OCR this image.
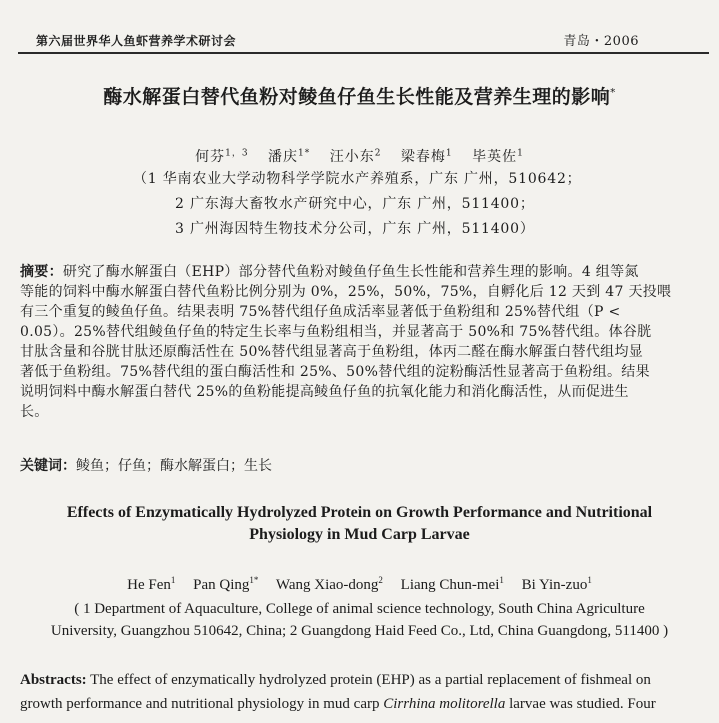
第六届世界华人鱼虾营养学术研讨会	青岛・2006
酶水解蛋白替代鱼粉对鲮鱼仔鱼生长性能及营养生理的影响*
何芬$^{1,3}$ 潘庆$^{1*}$ 汪小东$^2$ 梁春梅$^1$ 毕英佐$^1$
（1 华南农业大学动物科学学院水产养殖系，广东 广州，510642；
2 广东海大畜牧水产研究中心，广东 广州，511400；
3 广州海因特生物技术分公司，广东 广州，511400）
摘要：研究了酶水解蛋白（EHP）部分替代鱼粉对鲮鱼仔鱼生长性能和营养生理的影响。4 组等氮
等能的饲料中酶水解蛋白替代鱼粉比例分别为 0%，25%，50%，75%，自孵化后 12 天到 47 天投喂
有三个重复的鲮鱼仔鱼。结果表明 75%替代组仔鱼成活率显著低于鱼粉组和 25%替代组（P <
0.05）。25%替代组鲮鱼仔鱼的特定生长率与鱼粉组相当，并显著高于 50%和 75%替代组。体谷胱
甘肽含量和谷胱甘肽还原酶活性在 50%替代组显著高于鱼粉组，体丙二醛在酶水解蛋白替代组均显
著低于鱼粉组。75%替代组的蛋白酶活性和 25%、50%替代组的淀粉酶活性显著高于鱼粉组。结果
说明饲料中酶水解蛋白替代 25%的鱼粉能提高鲮鱼仔鱼的抗氧化能力和消化酶活性，从而促进生
长。
关键词：鲮鱼；仔鱼；酶水解蛋白；生长
Effects of Enzymatically Hydrolyzed Protein on Growth Performance and Nutritional
Physiology in Mud Carp Larvae
He Fen$^1$ Pan Qing$^{1*}$ Wang Xiao-dong$^2$ Liang Chun-mei$^1$ Bi Yin-zuo$^1$
( 1 Department of Aquaculture, College of animal science technology, South China Agriculture
University, Guangzhou 510642, China; 2 Guangdong Haid Feed Co., Ltd, China Guangdong, 511400 )
Abstracts: The effect of enzymatically hydrolyzed protein (EHP) as a partial replacement of fishmeal on
growth performance and nutritional physiology in mud carp Cirrhina molitorella larvae was studied. Four
